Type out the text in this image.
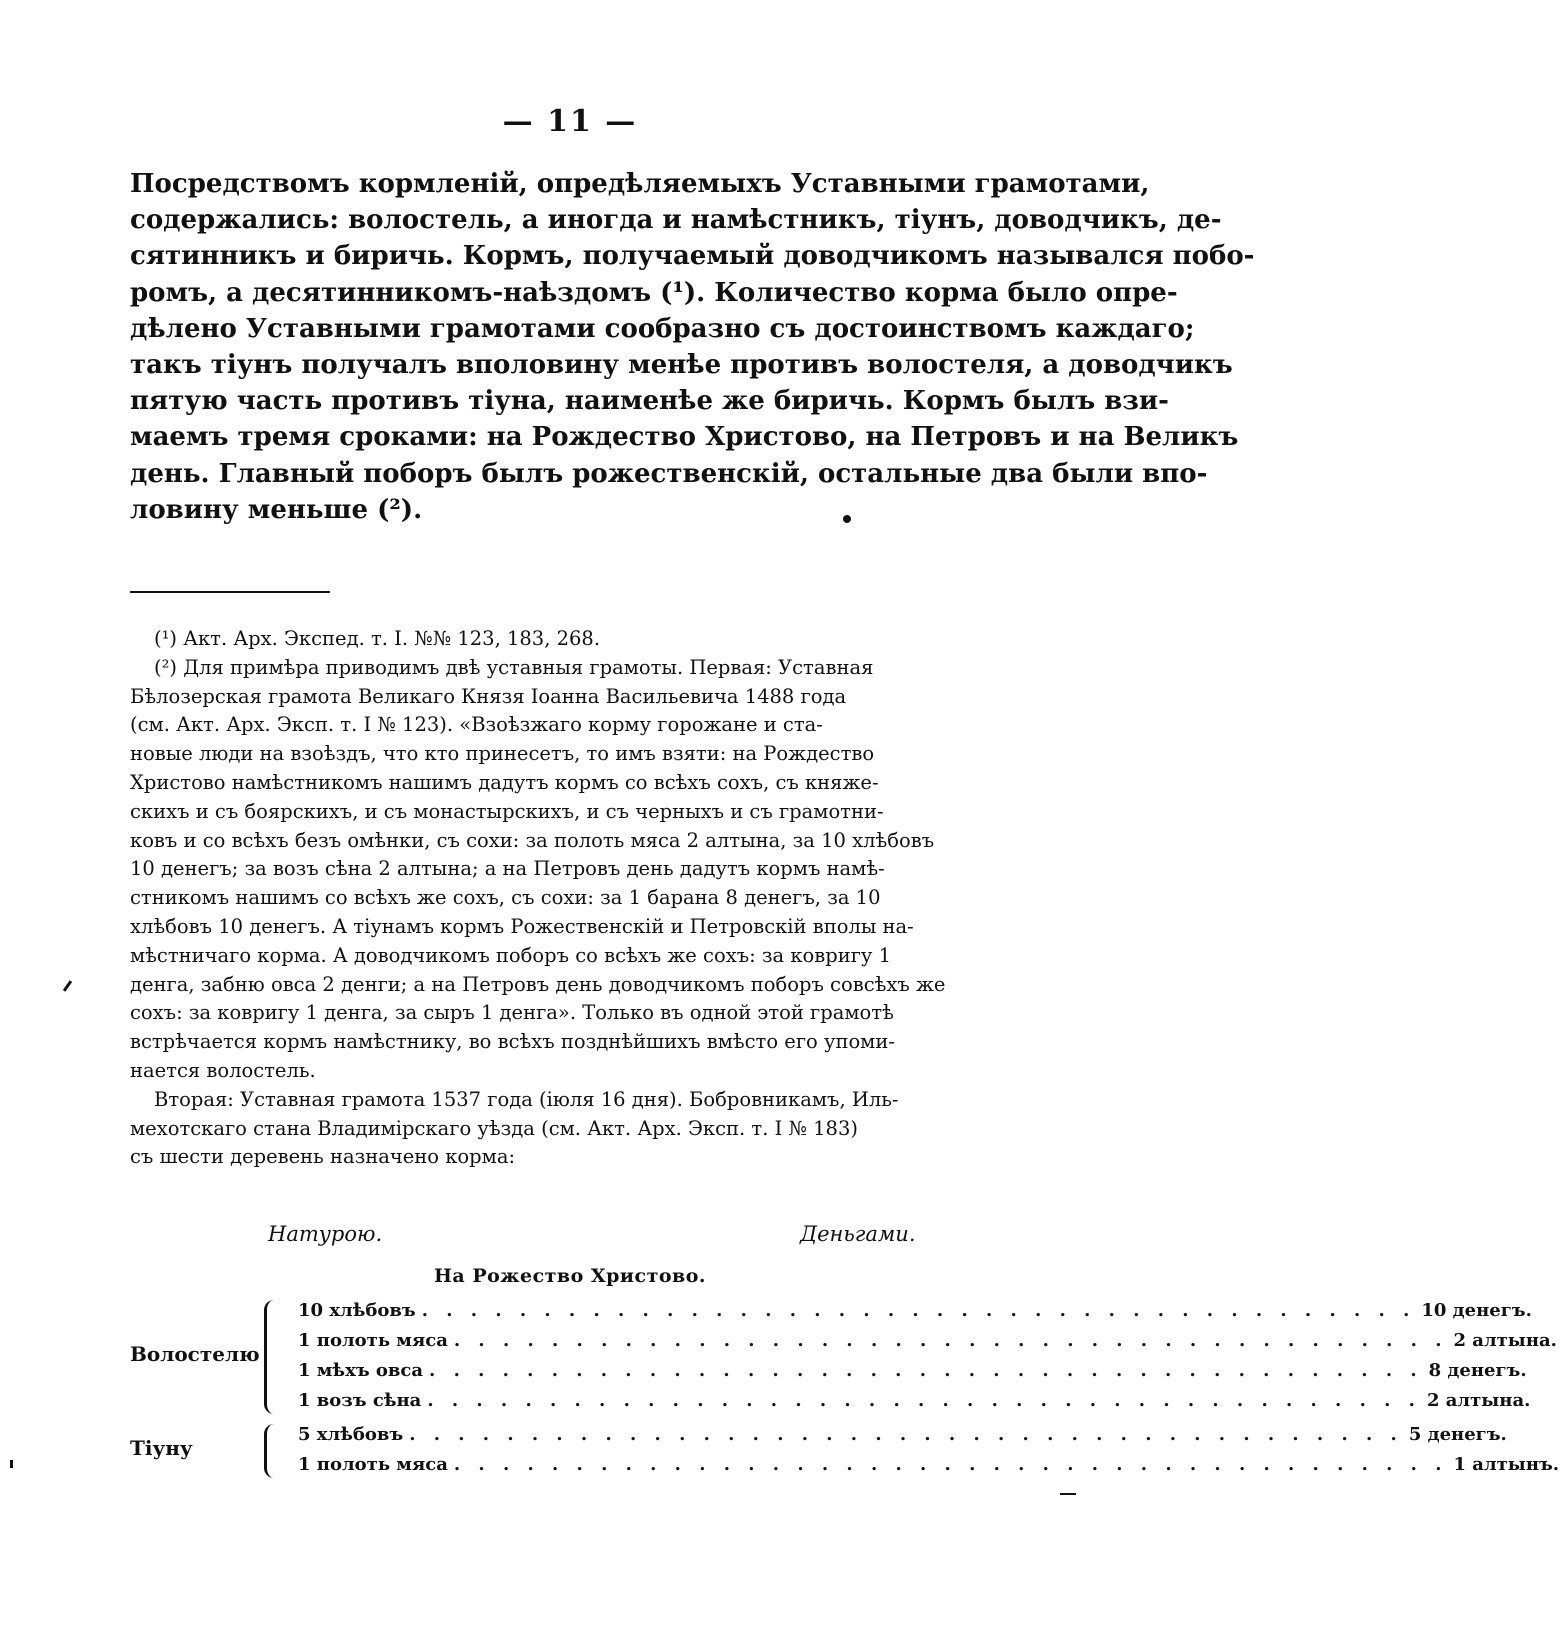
— 11 —
Посредствомъ кормленій, опредѣляемыхъ Уставными грамотами,
содержались: волостель, а иногда и намѣстникъ, тіунъ, доводчикъ, де-
сятинникъ и биричь. Кормъ, получаемый доводчикомъ назывался побо-
ромъ, а десятинникомъ-наѣздомъ (¹). Количество корма было опре-
дѣлено Уставными грамотами сообразно съ достоинствомъ каждаго;
такъ тіунъ получалъ вполовину менѣе противъ волостеля, а доводчикъ
пятую часть противъ тіуна, наименѣе же биричь. Кормъ былъ взи-
маемъ тремя сроками: на Рождество Христово, на Петровъ и на Великъ
день. Главный поборъ былъ рожественскій, остальные два были впо-
ловину меньше (²).
(¹) Акт. Арх. Экспед. т. I. №№ 123, 183, 268.
(²) Для примѣра приводимъ двѣ уставныя грамоты. Первая: Уставная
Бѣлозерская грамота Великаго Князя Іоанна Васильевича 1488 года
(см. Акт. Арх. Эксп. т. I № 123). «Взоѣзжаго корму горожане и ста-
новые люди на взоѣздъ, что кто принесетъ, то имъ взяти: на Рождество
Христово намѣстникомъ нашимъ дадутъ кормъ со всѣхъ сохъ, съ княже-
скихъ и съ боярскихъ, и съ монастырскихъ, и съ черныхъ и съ грамотни-
ковъ и со всѣхъ безъ омѣнки, съ сохи: за полоть мяса 2 алтына, за 10 хлѣбовъ
10 денегъ; за возъ сѣна 2 алтына; а на Петровъ день дадутъ кормъ намѣ-
стникомъ нашимъ со всѣхъ же сохъ, съ сохи: за 1 барана 8 денегъ, за 10
хлѣбовъ 10 денегъ. А тіунамъ кормъ Рожественскій и Петровскій вполы на-
мѣстничаго корма. А доводчикомъ поборъ со всѣхъ же сохъ: за ковригу 1
денга, забню овса 2 денги; а на Петровъ день доводчикомъ поборъ совсѣхъ же
сохъ: за ковригу 1 денга, за сыръ 1 денга». Только въ одной этой грамотѣ
встрѣчается кормъ намѣстнику, во всѣхъ позднѣйшихъ вмѣсто его упоми-
нается волостель.
Вторая: Уставная грамота 1537 года (іюля 16 дня). Бобровникамъ, Иль-
мехотскаго стана Владимірскаго уѣзда (см. Акт. Арх. Эксп. т. I № 183)
съ шести деревень назначено корма:
Натурою.	Деньгами.
На Рожество Христово.
Волостелю
10 хлѣбовъ . . . . . . . . . . . . . . . . . . . . . . . . . . . . . . . . . . . . . . . . . 10 денегъ.
1 полоть мяса . . . . . . . . . . . . . . . . . . . . . . . . . . . . . . . . . . . . . . . . . 2 алтына.
1 мѣхъ овса . . . . . . . . . . . . . . . . . . . . . . . . . . . . . . . . . . . . . . . . . 8 денегъ.
1 возъ сѣна . . . . . . . . . . . . . . . . . . . . . . . . . . . . . . . . . . . . . . . . . 2 алтына.
Тіуну
5 хлѣбовъ . . . . . . . . . . . . . . . . . . . . . . . . . . . . . . . . . . . . . . . . . 5 денегъ.
1 полоть мяса . . . . . . . . . . . . . . . . . . . . . . . . . . . . . . . . . . . . . . . . . 1 алтынъ.
